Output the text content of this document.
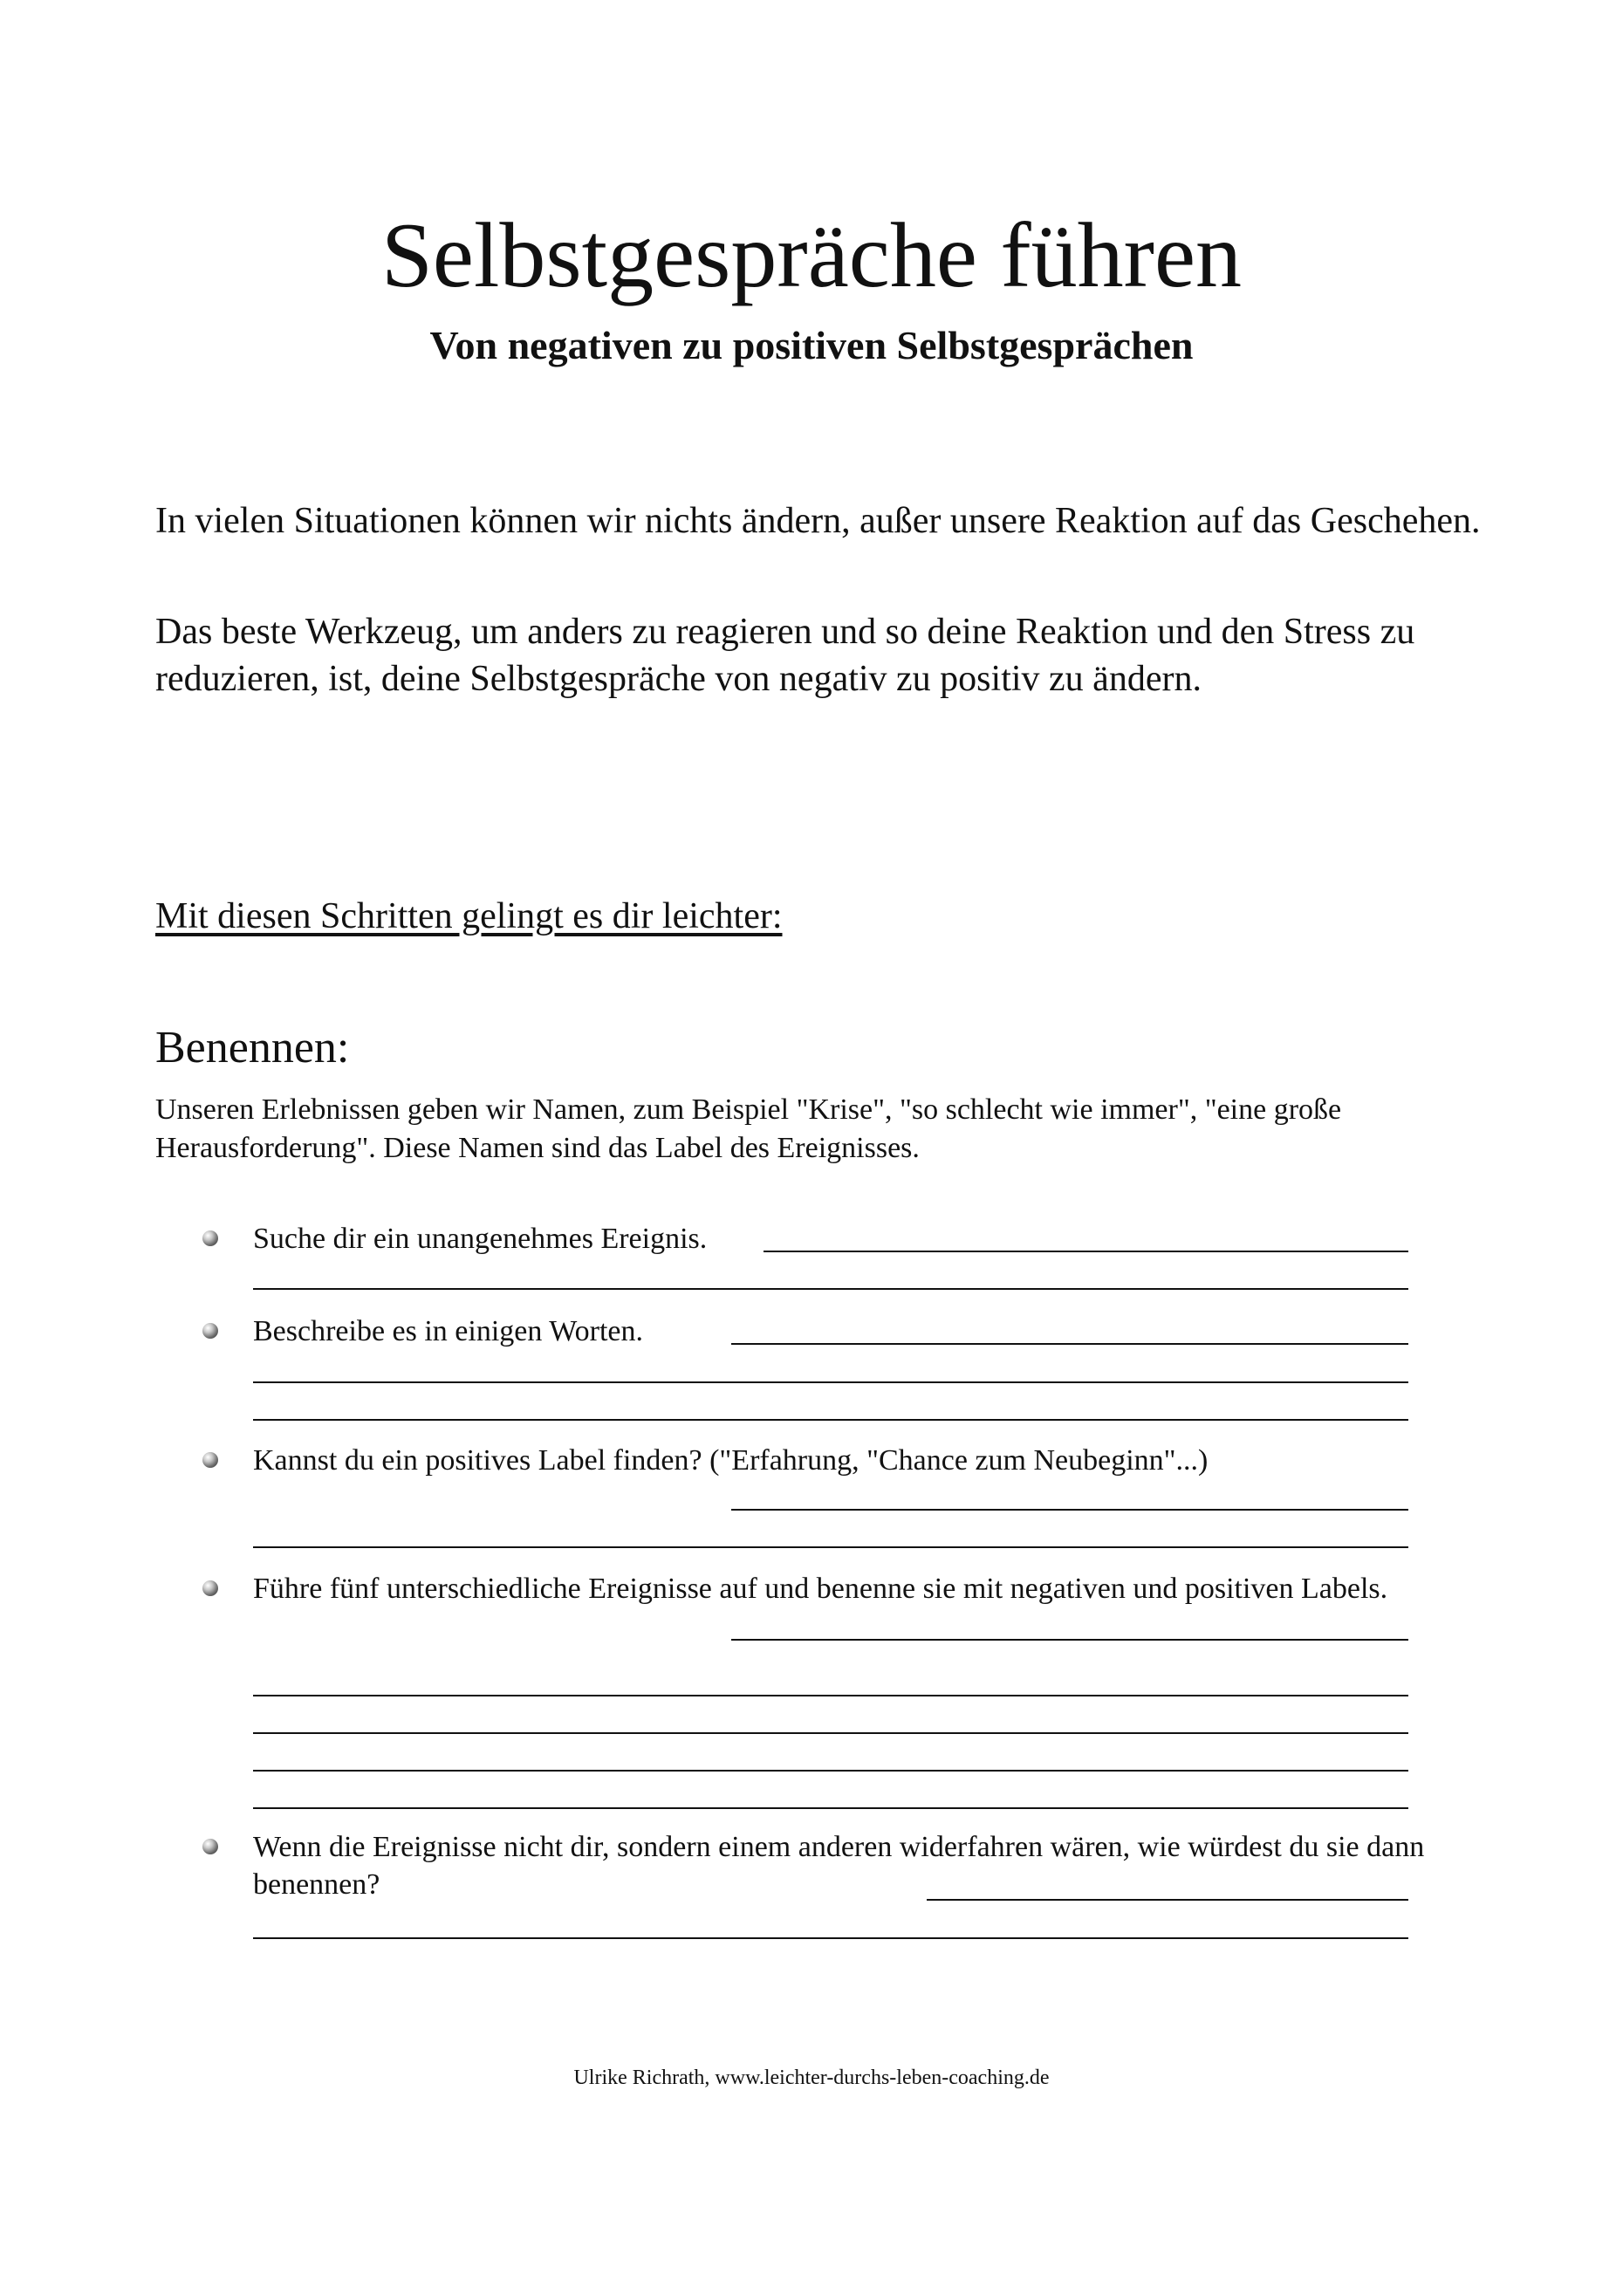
Selbstgespräche führen
Von negativen zu positiven Selbstgesprächen

In vielen Situationen können wir nichts ändern, außer unsere Reaktion auf das Geschehen.

Das beste Werkzeug, um anders zu reagieren und so deine Reaktion und den Stress zu reduzieren, ist, deine Selbstgespräche von negativ zu positiv zu ändern.

Mit diesen Schritten gelingt es dir leichter:
Benennen:

Unseren Erlebnissen geben wir Namen, zum Beispiel "Krise", "so schlecht wie immer", "eine große Herausforderung". Diese Namen sind das Label des Ereignisses.

Suche dir ein unangenehmes Ereignis.

Beschreibe es in einigen Worten.

Kannst du ein positives Label finden? ("Erfahrung, "Chance zum Neubeginn"...)

Führe fünf unterschiedliche Ereignisse auf und benenne sie mit negativen und positiven Labels.

Wenn die Ereignisse nicht dir, sondern einem anderen widerfahren wären, wie würdest du sie dann benennen?

Ulrike Richrath, www.leichter-durchs-leben-coaching.de
